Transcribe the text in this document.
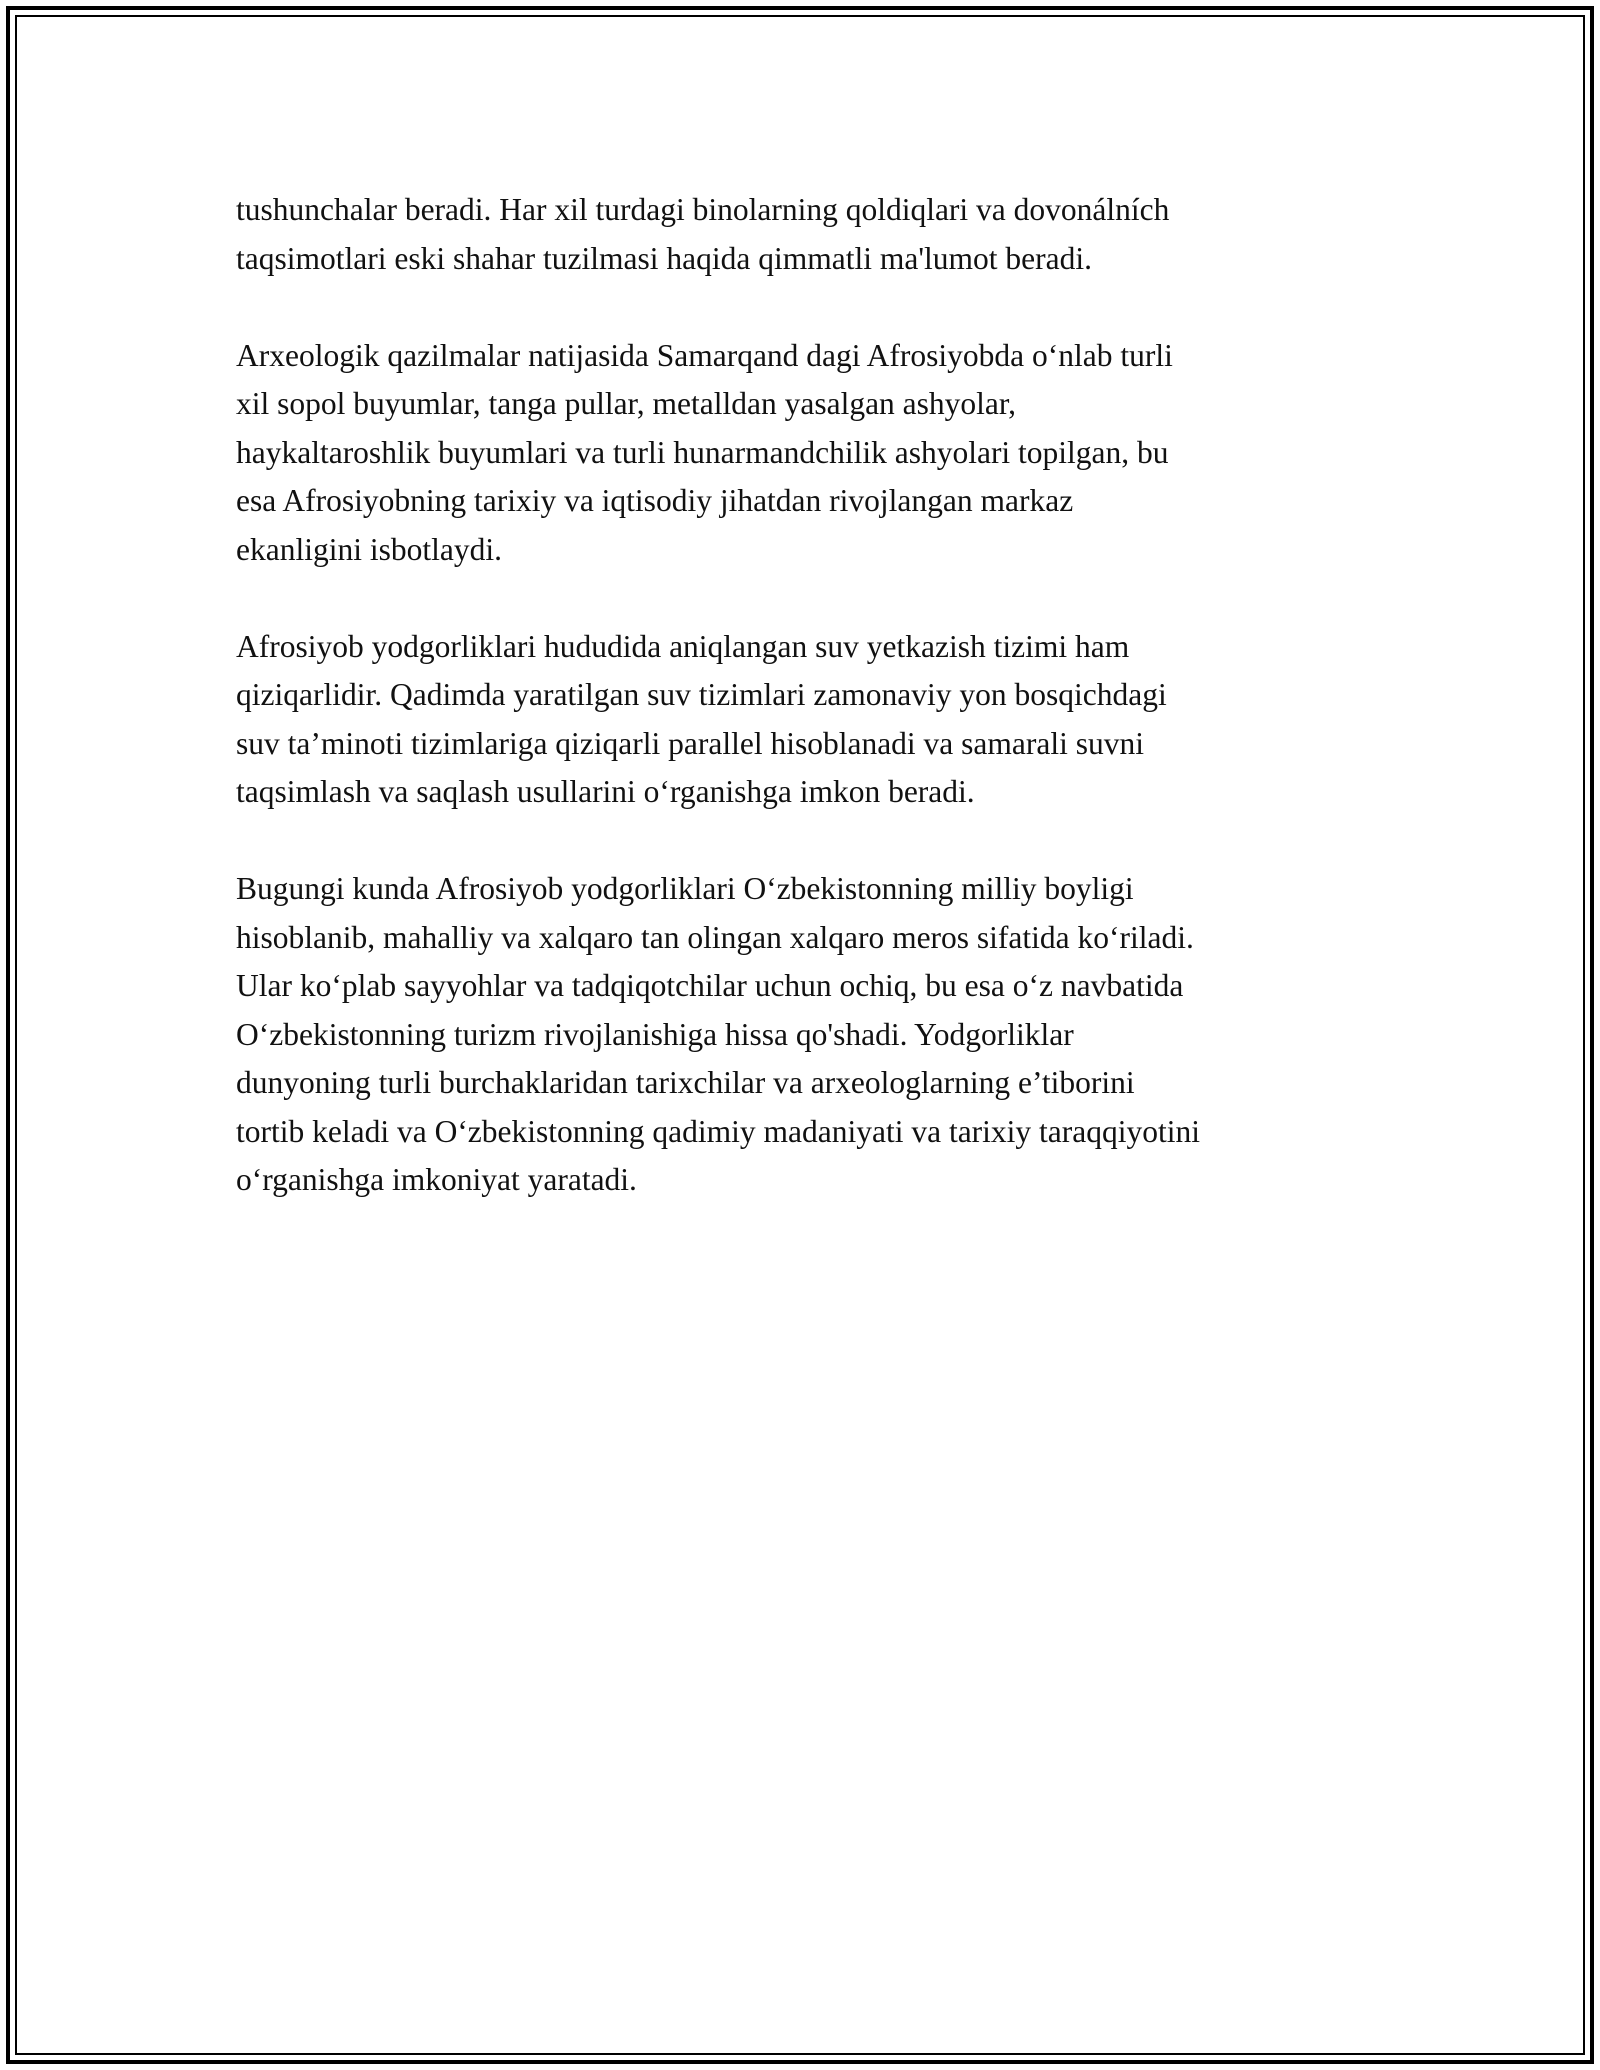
tushunchalar beradi. Har xil turdagi binolarning qoldiqlari va dovonálních
taqsimotlari eski shahar tuzilmasi haqida qimmatli ma'lumot beradi.

Arxeologik qazilmalar natijasida Samarqand dagi Afrosiyobda o‘nlab turli
xil sopol buyumlar, tanga pullar, metalldan yasalgan ashyolar,
haykaltaroshlik buyumlari va turli hunarmandchilik ashyolari topilgan, bu
esa Afrosiyobning tarixiy va iqtisodiy jihatdan rivojlangan markaz
ekanligini isbotlaydi.

Afrosiyob yodgorliklari hududida aniqlangan suv yetkazish tizimi ham
qiziqarlidir. Qadimda yaratilgan suv tizimlari zamonaviy yon bosqichdagi
suv ta’minoti tizimlariga qiziqarli parallel hisoblanadi va samarali suvni
taqsimlash va saqlash usullarini o‘rganishga imkon beradi.

Bugungi kunda Afrosiyob yodgorliklari O‘zbekistonning milliy boyligi
hisoblanib, mahalliy va xalqaro tan olingan xalqaro meros sifatida ko‘riladi.
Ular ko‘plab sayyohlar va tadqiqotchilar uchun ochiq, bu esa o‘z navbatida
O‘zbekistonning turizm rivojlanishiga hissa qo'shadi. Yodgorliklar
dunyoning turli burchaklaridan tarixchilar va arxeologlarning e’tiborini
tortib keladi va O‘zbekistonning qadimiy madaniyati va tarixiy taraqqiyotini
o‘rganishga imkoniyat yaratadi.
